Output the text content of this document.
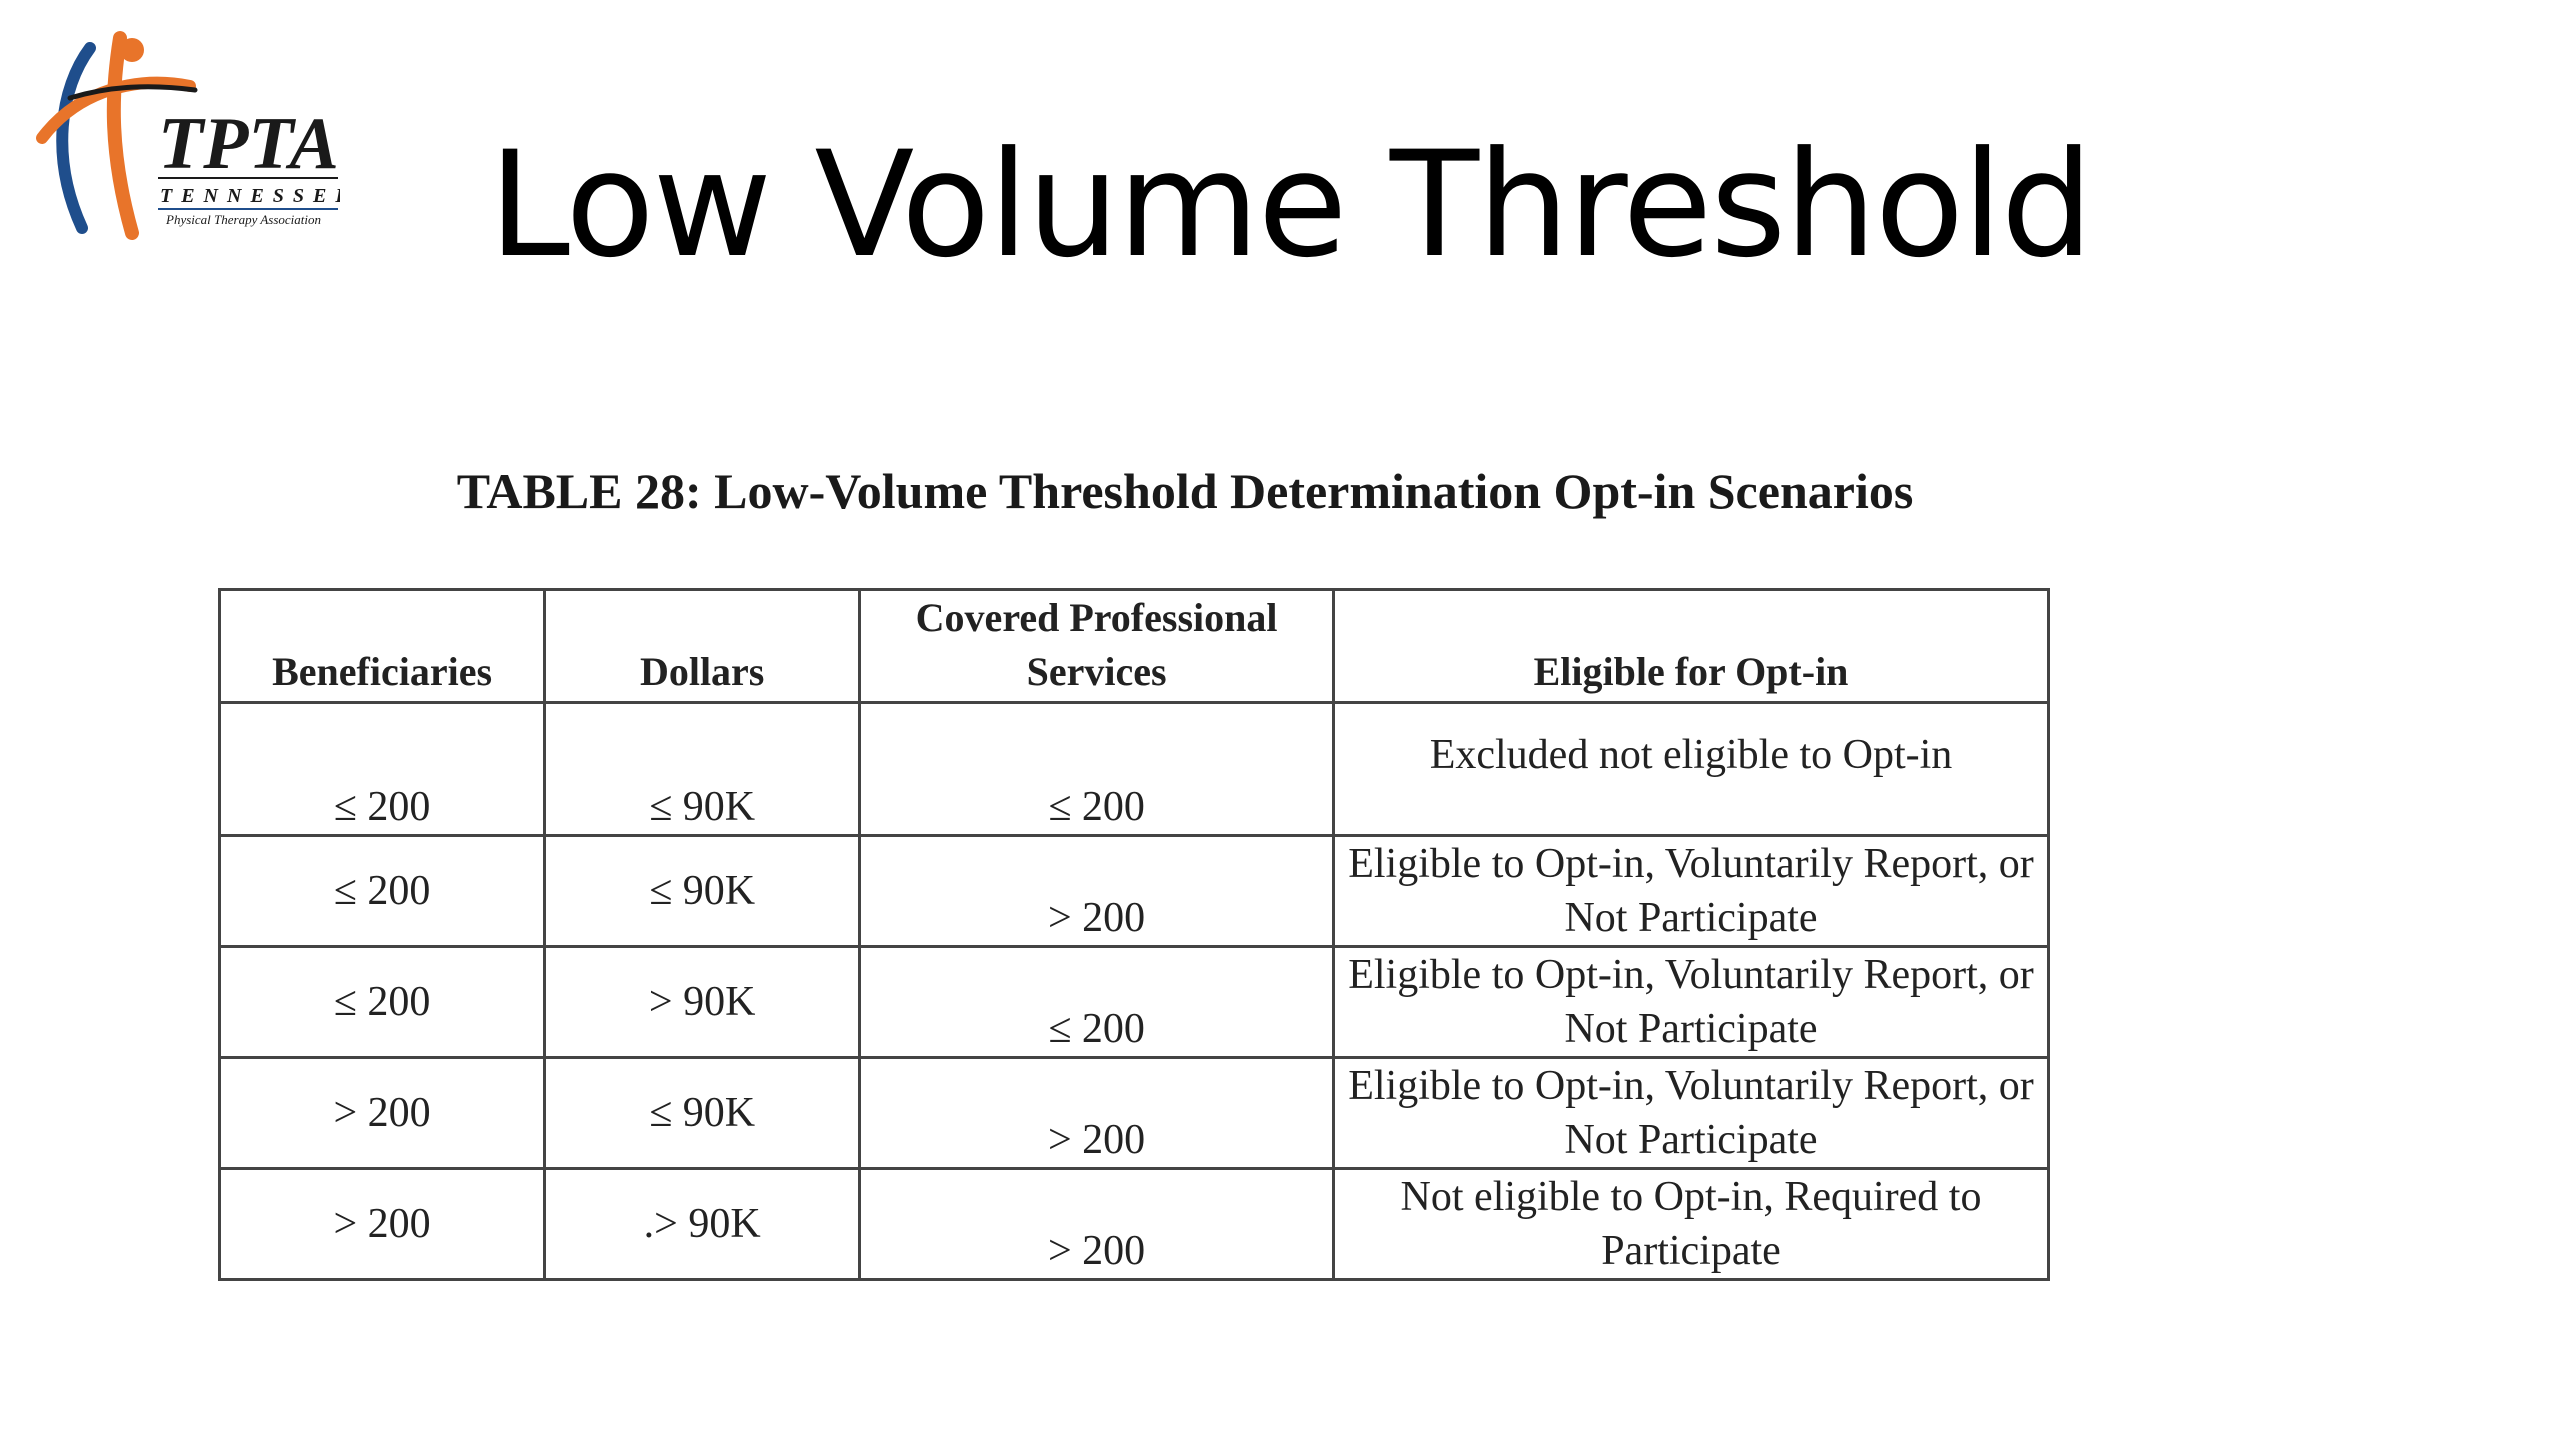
TPTA
TENNESSEE
Physical Therapy Association	Low Volume Threshold
TABLE 28: Low-Volume Threshold Determination Opt-in Scenarios
Beneficiaries	Dollars	Covered Professional Services	Eligible for Opt-in
≤ 200	≤ 90K	≤ 200	Excluded not eligible to Opt-in
≤ 200	≤ 90K	> 200	Eligible to Opt-in, Voluntarily Report, or Not Participate
≤ 200	> 90K	≤ 200	Eligible to Opt-in, Voluntarily Report, or Not Participate
> 200	≤ 90K	> 200	Eligible to Opt-in, Voluntarily Report, or Not Participate
> 200	.> 90K	> 200	Not eligible to Opt-in, Required to Participate
